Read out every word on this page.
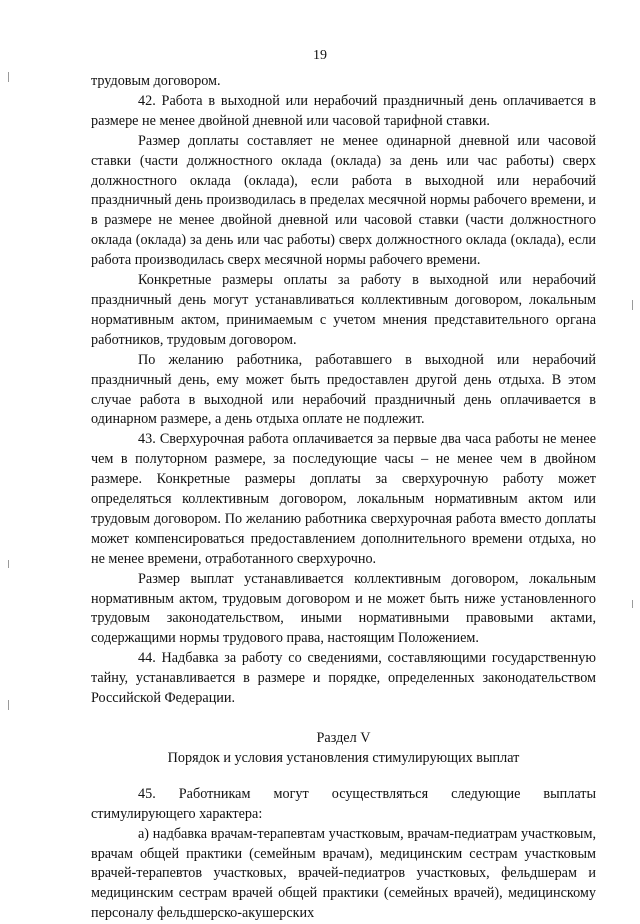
19

трудовым договором.

42. Работа в выходной или нерабочий праздничный день оплачивается в размере не менее двойной дневной или часовой тарифной ставки.

Размер доплаты составляет не менее одинарной дневной или часовой ставки (части должностного оклада (оклада) за день или час работы) сверх должностного оклада (оклада), если работа в выходной или нерабочий праздничный день производилась в пределах месячной нормы рабочего времени, и в размере не менее двойной дневной или часовой ставки (части должностного оклада (оклада) за день или час работы) сверх должностного оклада (оклада), если работа производилась сверх месячной нормы рабочего времени.

Конкретные размеры оплаты за работу в выходной или нерабочий праздничный день могут устанавливаться коллективным договором, локальным нормативным актом, принимаемым с учетом мнения представительного органа работников, трудовым договором.

По желанию работника, работавшего в выходной или нерабочий праздничный день, ему может быть предоставлен другой день отдыха. В этом случае работа в выходной или нерабочий праздничный день оплачивается в одинарном размере, а день отдыха оплате не подлежит.

43. Сверхурочная работа оплачивается за первые два часа работы не менее чем в полуторном размере, за последующие часы – не менее чем в двойном размере. Конкретные размеры доплаты за сверхурочную работу может определяться коллективным договором, локальным нормативным актом или трудовым договором. По желанию работника сверхурочная работа вместо доплаты может компенсироваться предоставлением дополнительного времени отдыха, но не менее времени, отработанного сверхурочно.

Размер выплат устанавливается коллективным договором, локальным нормативным актом, трудовым договором и не может быть ниже установленного трудовым законодательством, иными нормативными правовыми актами, содержащими нормы трудового права, настоящим Положением.

44. Надбавка за работу со сведениями, составляющими государственную тайну, устанавливается в размере и порядке, определенных законодательством Российской Федерации.

Раздел V

Порядок и условия установления стимулирующих выплат

45. Работникам могут осуществляться следующие выплаты стимулирующего характера:

а) надбавка врачам-терапевтам участковым, врачам-педиатрам участковым, врачам общей практики (семейным врачам), медицинским сестрам участковым врачей-терапевтов участковых, врачей-педиатров участковых, фельдшерам и медицинским сестрам врачей общей практики (семейных врачей), медицинскому персоналу фельдшерско-акушерских
